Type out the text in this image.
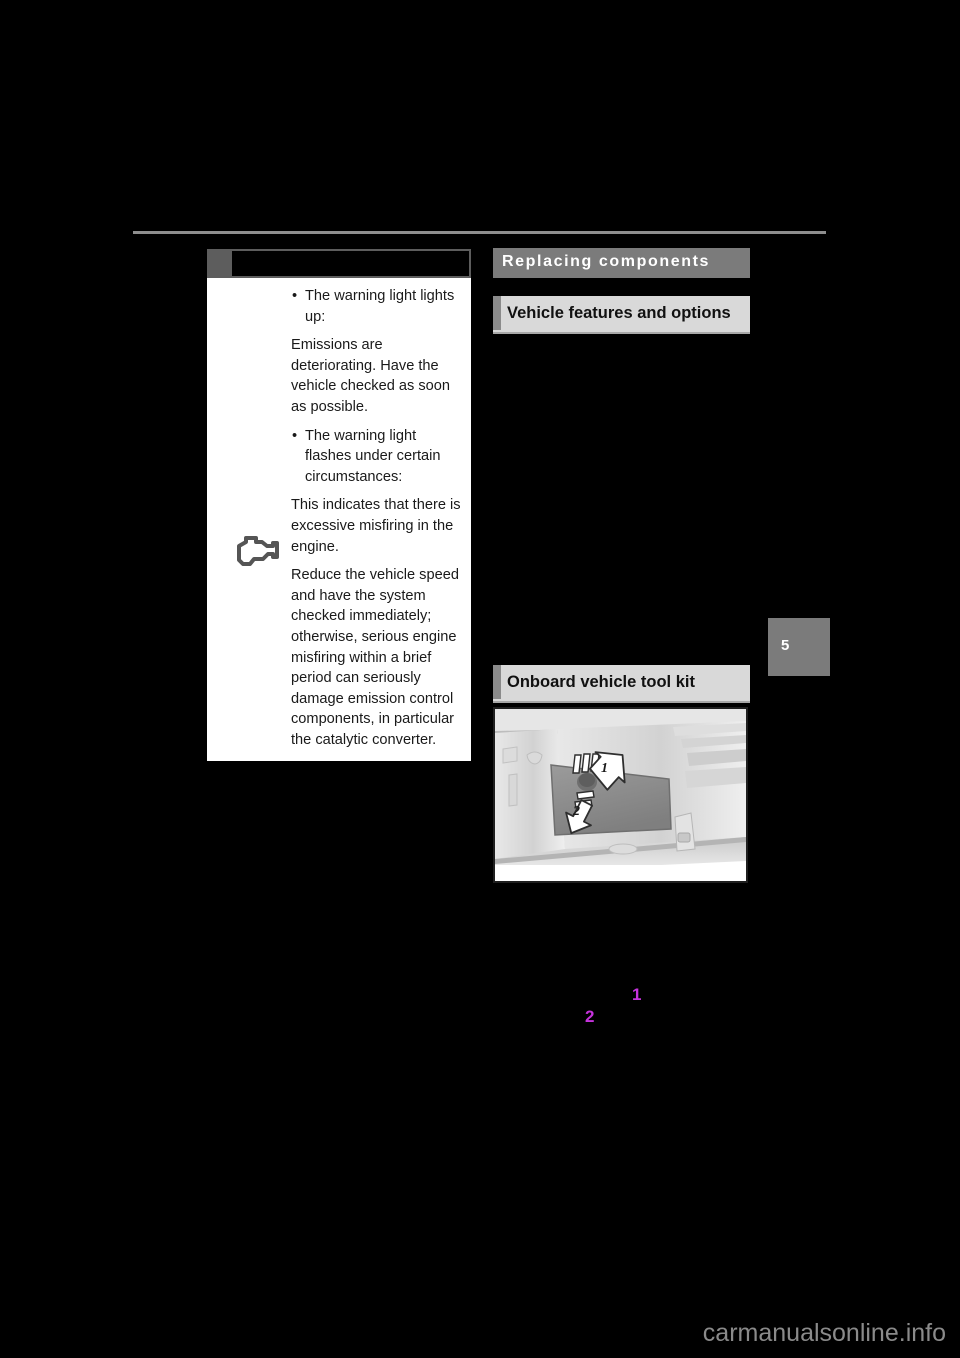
• The warning light lights up:

Emissions are deteriorating. Have the vehicle checked as soon as possible.

• The warning light flashes under certain circumstances:

This indicates that there is excessive misfiring in the engine.

Reduce the vehicle speed and have the system checked immediately; otherwise, serious engine misfiring within a brief period can seriously damage emission control components, in particular the catalytic converter.

Replacing components
Vehicle features and options
Onboard vehicle tool kit
5
1
2
1
2
carmanualsonline.info
